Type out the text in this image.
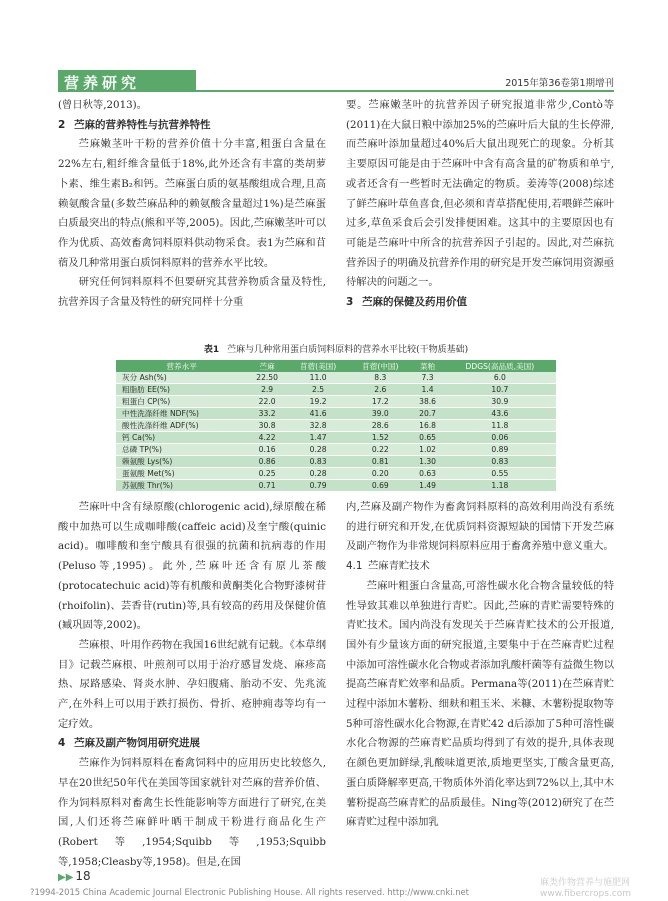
营养研究	2015年第36卷第1期增刊

(曾日秋等,2013)。

2 苎麻的营养特性与抗营养特性

苎麻嫩茎叶干粉的营养价值十分丰富,粗蛋白含量在22%左右,粗纤维含量低于18%,此外还含有丰富的类胡萝卜素、维生素B₂和钙。苎麻蛋白质的氨基酸组成合理,且高赖氨酸含量(多数苎麻品种的赖氨酸含量超过1%)是苎麻蛋白质最突出的特点(熊和平等,2005)。因此,苎麻嫩茎叶可以作为优质、高效畜禽饲料原料供动物采食。表1为苎麻和苜蓿及几种常用蛋白质饲料原料的营养水平比较。

研究任何饲料原料不但要研究其营养物质含量及特性,抗营养因子含量及特性的研究同样十分重

要。苎麻嫩茎叶的抗营养因子研究报道非常少,Contò等(2011)在大鼠日粮中添加25%的苎麻叶后大鼠的生长停滞,而苎麻叶添加量超过40%后大鼠出现死亡的现象。分析其主要原因可能是由于苎麻叶中含有高含量的矿物质和单宁,或者还含有一些暂时无法确定的物质。姜涛等(2008)综述了鲜苎麻叶草鱼喜食,但必须和青草搭配使用,若喂鲜苎麻叶过多,草鱼采食后会引发排便困难。这其中的主要原因也有可能是苎麻叶中所含的抗营养因子引起的。因此,对苎麻抗营养因子的明确及抗营养作用的研究是开发苎麻饲用资源亟待解决的问题之一。

3 苎麻的保健及药用价值
表1 苎麻与几种常用蛋白质饲料原料的营养水平比较(干物质基础)
营养水平	苎麻	苜蓿(美国)	苜蓿(中国)	菜粕	DDGS(高品质,美国)
灰分 Ash(%)	22.50	11.0	8.3	7.3	6.0
粗脂肪 EE(%)	2.9	2.5	2.6	1.4	10.7
粗蛋白 CP(%)	22.0	19.2	17.2	38.6	30.9
中性洗涤纤维 NDF(%)	33.2	41.6	39.0	20.7	43.6
酸性洗涤纤维 ADF(%)	30.8	32.8	28.6	16.8	11.8
钙 Ca(%)	4.22	1.47	1.52	0.65	0.06
总磷 TP(%)	0.16	0.28	0.22	1.02	0.89
赖氨酸 Lys(%)	0.86	0.83	0.81	1.30	0.83
蛋氨酸 Met(%)	0.25	0.28	0.20	0.63	0.55
苏氨酸 Thr(%)	0.71	0.79	0.69	1.49	1.18

苎麻叶中含有绿原酸(chlorogenic acid),绿原酸在稀酸中加热可以生成咖啡酸(caffeic acid)及奎宁酸(quinic acid)。咖啡酸和奎宁酸具有很强的抗菌和抗病毒的作用(Peluso等,1995)。此外,苎麻叶还含有原儿茶酸(protocatechuic acid)等有机酸和黄酮类化合物野漆树苷(rhoifolin)、芸香苷(rutin)等,具有较高的药用及保健价值(臧巩固等,2002)。

苎麻根、叶用作药物在我国16世纪就有记载。《本草纲目》记载苎麻根、叶煎剂可以用于治疗感冒发烧、麻疹高热、尿路感染、肾炎水肿、孕妇腹痛、胎动不安、先兆流产,在外科上可以用于跌打损伤、骨折、疮肿痈毒等均有一定疗效。

4 苎麻及副产物饲用研究进展

苎麻作为饲料原料在畜禽饲料中的应用历史比较悠久,早在20世纪50年代在美国等国家就针对苎麻的营养价值、作为饲料原料对畜禽生长性能影响等方面进行了研究,在美国,人们还将苎麻鲜叶晒干制成干粉进行商品化生产(Robert等,1954;Squibb等,1953;Squibb等,1958;Cleasby等,1958)。但是,在国

内,苎麻及副产物作为畜禽饲料原料的高效利用尚没有系统的进行研究和开发,在优质饲料资源短缺的国情下开发苎麻及副产物作为非常规饲料原料应用于畜禽养殖中意义重大。

4.1 苎麻青贮技术

苎麻叶粗蛋白含量高,可溶性碳水化合物含量较低的特性导致其难以单独进行青贮。因此,苎麻的青贮需要特殊的青贮技术。国内尚没有发现关于苎麻青贮技术的公开报道,国外有少量该方面的研究报道,主要集中于在苎麻青贮过程中添加可溶性碳水化合物或者添加乳酸杆菌等有益微生物以提高苎麻青贮效率和品质。Permana等(2011)在苎麻青贮过程中添加木薯粉、细麸和粗玉米、米糠、木薯粉提取物等5种可溶性碳水化合物源,在青贮42 d后添加了5种可溶性碳水化合物源的苎麻青贮品质均得到了有效的提升,具体表现在颜色更加鲜绿,乳酸味道更浓,质地更坚实,丁酸含量更高,蛋白质降解率更高,干物质体外消化率达到72%以上,其中木薯粉提高苎麻青贮的品质最佳。Ning等(2012)研究了在苎麻青贮过程中添加乳

▶▶ 18
?1994-2015 China Academic Journal Electronic Publishing House. All rights reserved. http://www.cnki.net
麻类作物营养与施肥网
www.fibercrops.com
